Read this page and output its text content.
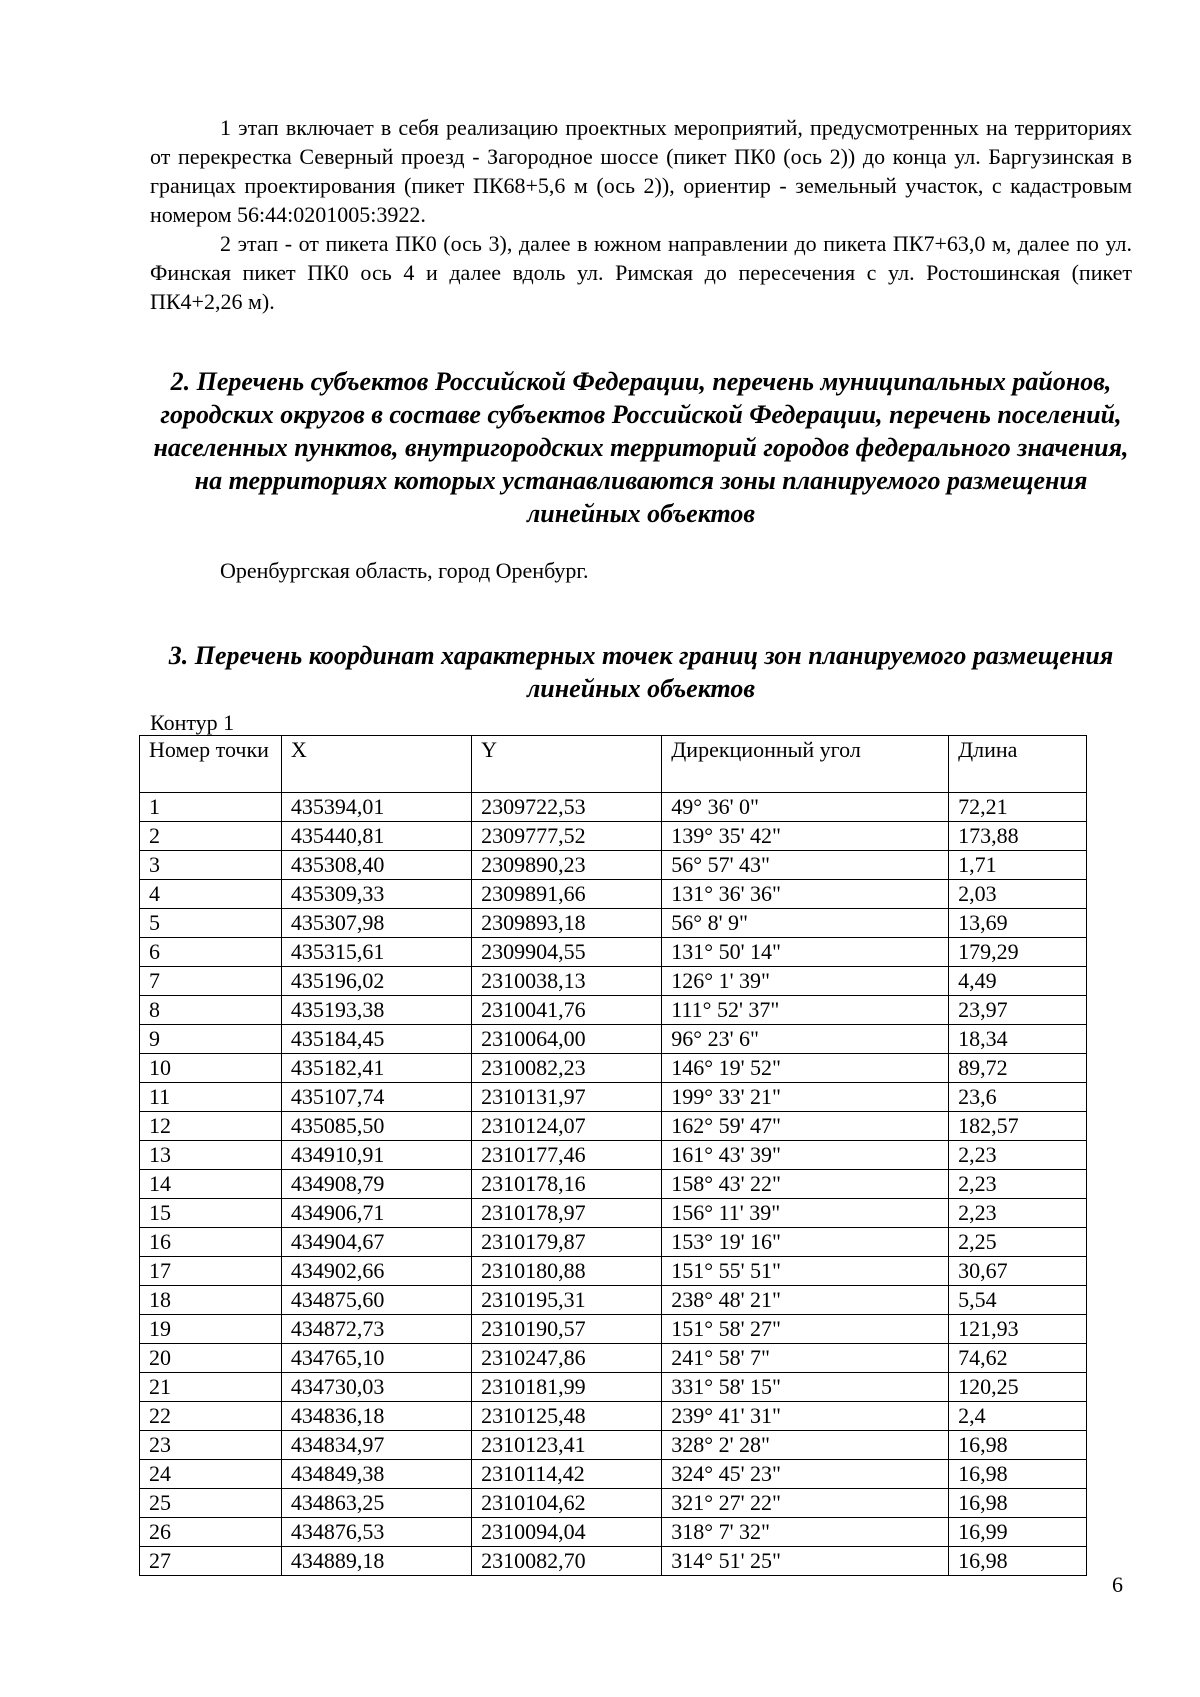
1 этап включает в себя реализацию проектных мероприятий, предусмотренных на территориях от перекрестка Северный проезд - Загородное шоссе (пикет ПК0 (ось 2)) до конца ул. Баргузинская в границах проектирования (пикет ПК68+5,6 м (ось 2)), ориентир - земельный участок, с кадастровым номером 56:44:0201005:3922.

2 этап - от пикета ПК0 (ось 3), далее в южном направлении до пикета ПК7+63,0 м, далее по ул. Финская пикет ПК0 ось 4 и далее вдоль ул. Римская до пересечения с ул. Ростошинская (пикет ПК4+2,26 м).

2. Перечень субъектов Российской Федерации, перечень муниципальных районов, городских округов в составе субъектов Российской Федерации, перечень поселений, населенных пунктов, внутригородских территорий городов федерального значения, на территориях которых устанавливаются зоны планируемого размещения линейных объектов

Оренбургская область, город Оренбург.

3. Перечень координат характерных точек границ зон планируемого размещения линейных объектов

Контур 1

Номер точки	X	Y	Дирекционный угол	Длина
1	435394,01	2309722,53	49° 36' 0"	72,21
2	435440,81	2309777,52	139° 35' 42"	173,88
3	435308,40	2309890,23	56° 57' 43"	1,71
4	435309,33	2309891,66	131° 36' 36"	2,03
5	435307,98	2309893,18	56° 8' 9"	13,69
6	435315,61	2309904,55	131° 50' 14"	179,29
7	435196,02	2310038,13	126° 1' 39"	4,49
8	435193,38	2310041,76	111° 52' 37"	23,97
9	435184,45	2310064,00	96° 23' 6"	18,34
10	435182,41	2310082,23	146° 19' 52"	89,72
11	435107,74	2310131,97	199° 33' 21"	23,6
12	435085,50	2310124,07	162° 59' 47"	182,57
13	434910,91	2310177,46	161° 43' 39"	2,23
14	434908,79	2310178,16	158° 43' 22"	2,23
15	434906,71	2310178,97	156° 11' 39"	2,23
16	434904,67	2310179,87	153° 19' 16"	2,25
17	434902,66	2310180,88	151° 55' 51"	30,67
18	434875,60	2310195,31	238° 48' 21"	5,54
19	434872,73	2310190,57	151° 58' 27"	121,93
20	434765,10	2310247,86	241° 58' 7"	74,62
21	434730,03	2310181,99	331° 58' 15"	120,25
22	434836,18	2310125,48	239° 41' 31"	2,4
23	434834,97	2310123,41	328° 2' 28"	16,98
24	434849,38	2310114,42	324° 45' 23"	16,98
25	434863,25	2310104,62	321° 27' 22"	16,98
26	434876,53	2310094,04	318° 7' 32"	16,99
27	434889,18	2310082,70	314° 51' 25"	16,98
6
